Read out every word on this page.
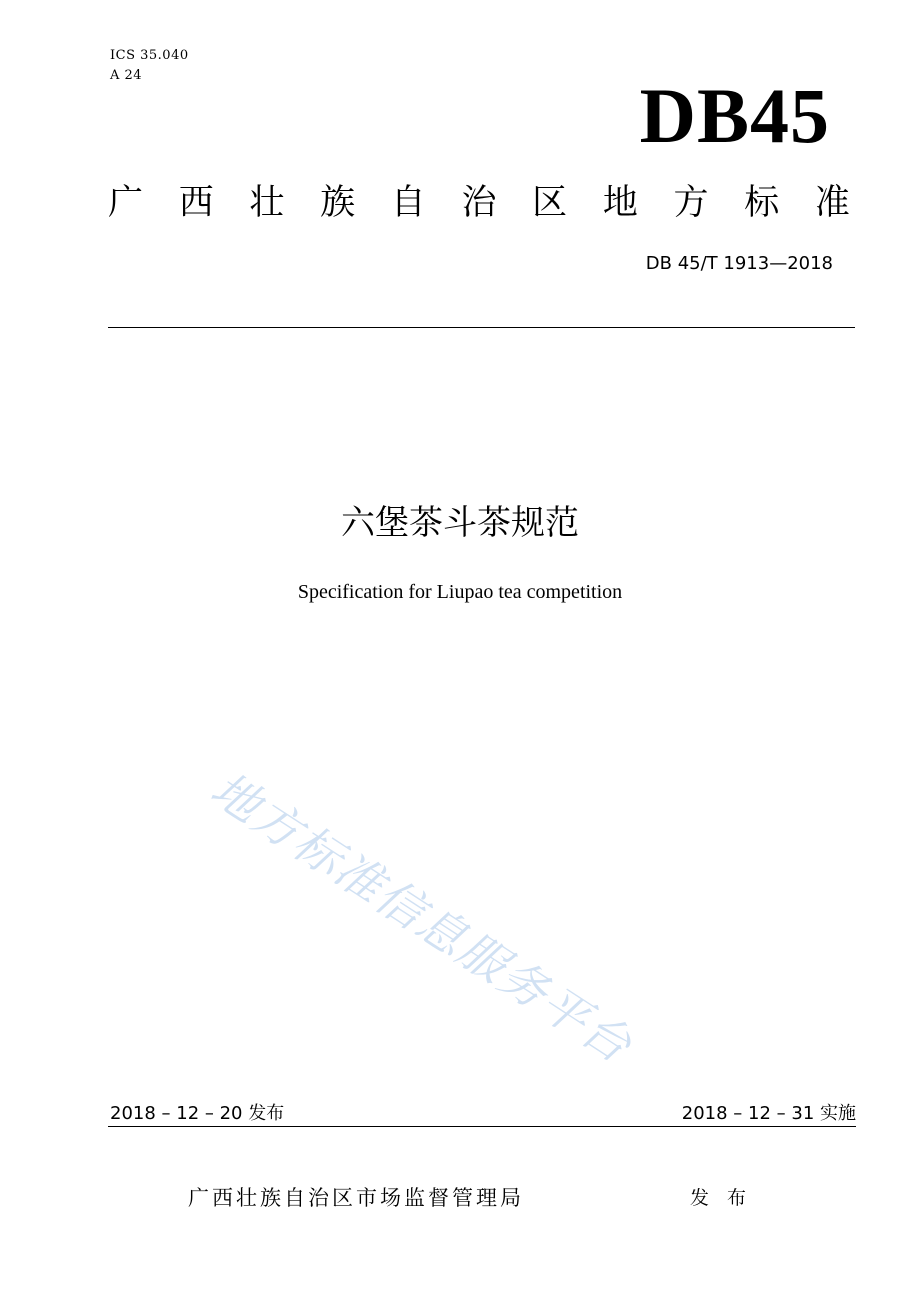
ICS 35.040
A 24	DB45
广 西 壮 族 自 治 区 地 方 标 准
DB 45/T 1913—2018
六堡茶斗茶规范
Specification for Liupao tea competition
地方标准信息服务平台
2018 – 12 – 20 发布	2018 – 12 – 31 实施
广西壮族自治区市场监督管理局	发 布
